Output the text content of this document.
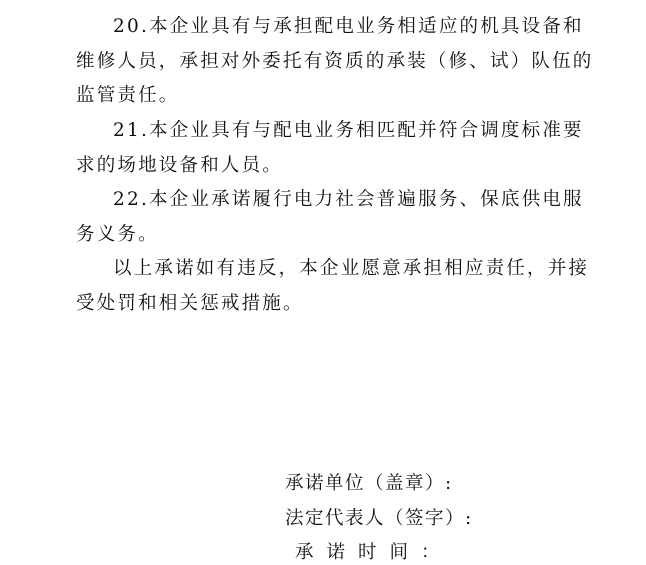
20.本企业具有与承担配电业务相适应的机具设备和维修人员，承担对外委托有资质的承装（修、试）队伍的监管责任。

21.本企业具有与配电业务相匹配并符合调度标准要求的场地设备和人员。

22.本企业承诺履行电力社会普遍服务、保底供电服务义务。

以上承诺如有违反，本企业愿意承担相应责任，并接受处罚和相关惩戒措施。

承诺单位（盖章）:

法定代表人（签字）:

承诺时间：
